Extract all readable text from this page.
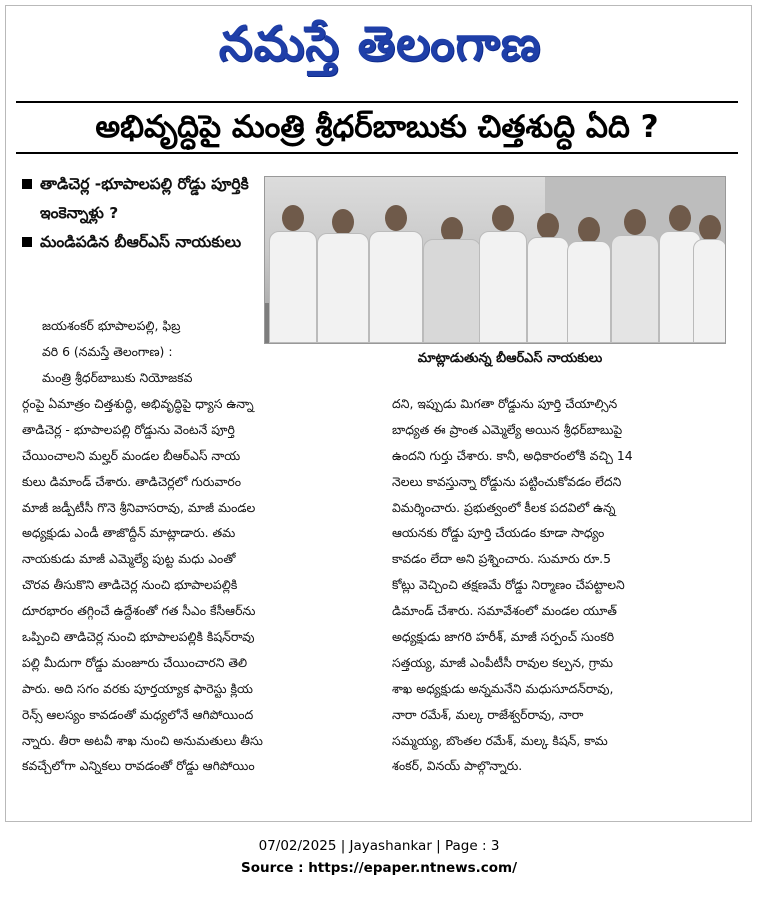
నమస్తే తెలంగాణ
అభివృద్ధిపై మంత్రి శ్రీధర్‌బాబుకు చిత్తశుద్ధి ఏది ?
తాడిచెర్ల -భూపాలపల్లి రోడ్డు పూర్తికి ఇంకెన్నాళ్లు ?
మండిపడిన బీఆర్‌ఎస్ నాయకులు
మాట్లాడుతున్న బీఆర్‌ఎస్ నాయకులు
జయశంకర్ భూపాలపల్లి, ఫిబ్ర
వరి 6 (నమస్తే తెలంగాణ) :
మంత్రి శ్రీధర్‌బాబుకు నియోజకవ
ర్గంపై ఏమాత్రం చిత్తశుద్ధి, అభివృద్ధిపై ధ్యాస ఉన్నా
తాడిచెర్ల - భూపాలపల్లి రోడ్డును వెంటనే పూర్తి
చేయించాలని మల్హర్ మండల బీఆర్‌ఎస్ నాయ
కులు డిమాండ్ చేశారు. తాడిచెర్లలో గురువారం
మాజీ జడ్పీటీసీ గొనె శ్రీనివాసరావు, మాజీ మండల
అధ్యక్షుడు ఎండీ తాజొద్దీన్ మాట్లాడారు. తమ
నాయకుడు మాజీ ఎమ్మెల్యే పుట్ట మధు ఎంతో
చొరవ తీసుకొని తాడిచెర్ల నుంచి భూపాలపల్లికి
దూరభారం తగ్గించే ఉద్దేశంతో గత సీఎం కేసీఆర్‌ను
ఒప్పించి తాడిచెర్ల నుంచి భూపాలపల్లికి కిషన్‌రావు
పల్లి మీదుగా రోడ్డు మంజూరు చేయించారని తెలి
పారు. అది సగం వరకు పూర్తయ్యాక ఫారెస్టు క్లియ
రెన్స్ ఆలస్యం కావడంతో మధ్యలోనే ఆగిపోయింద
న్నారు. తీరా అటవీ శాఖ నుంచి అనుమతులు తీసు
కవచ్చేలోగా ఎన్నికలు రావడంతో రోడ్డు ఆగిపోయిం
దని, ఇప్పుడు మిగతా రోడ్డును పూర్తి చేయాల్సిన
బాధ్యత ఈ ప్రాంత ఎమ్మెల్యే అయిన శ్రీధర్‌బాబుపై
ఉందని గుర్తు చేశారు. కానీ, అధికారంలోకి వచ్చి 14
నెలలు కావస్తున్నా రోడ్డును పట్టించుకోవడం లేదని
విమర్శించారు. ప్రభుత్వంలో కీలక పదవిలో ఉన్న
ఆయనకు రోడ్డు పూర్తి చేయడం కూడా సాధ్యం
కావడం లేదా అని ప్రశ్నించారు. సుమారు రూ.5
కోట్లు వెచ్చించి తక్షణమే రోడ్డు నిర్మాణం చేపట్టాలని
డిమాండ్ చేశారు. సమావేశంలో మండల యూత్
అధ్యక్షుడు జాగరి హరీశ్, మాజీ సర్పంచ్ సుంకరి
సత్తయ్య, మాజీ ఎంపీటీసీ రావుల కల్పన, గ్రామ
శాఖ అధ్యక్షుడు అన్నమనేని మధుసూదన్‌రావు,
నారా రమేశ్, మల్క రాజేశ్వర్‌రావు, నారా
సమ్మయ్య, బొంతల రమేశ్, మల్క కిషన్, కామ
శంకర్, వినయ్ పాల్గొన్నారు.
07/02/2025 | Jayashankar | Page : 3
Source : https://epaper.ntnews.com/
